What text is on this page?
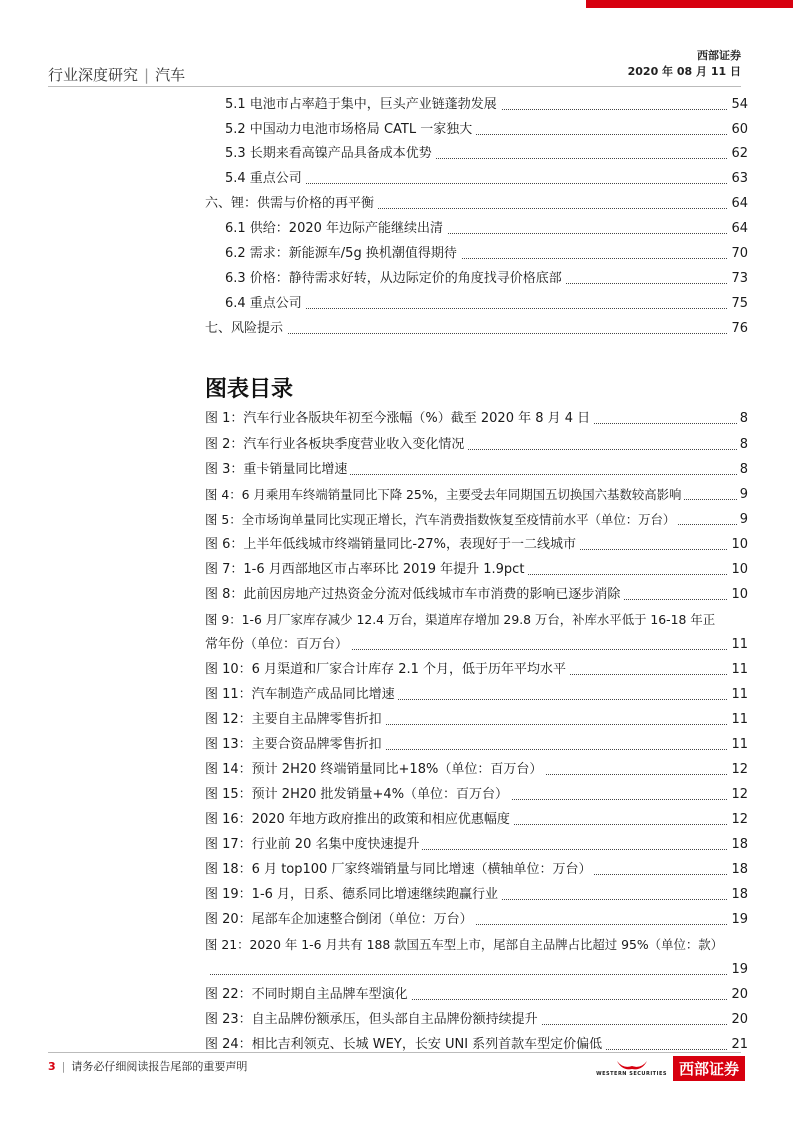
行业深度研究 | 汽车
西部证券
2020 年 08 月 11 日
5.1 电池市占率趋于集中，巨头产业链蓬勃发展	54
5.2 中国动力电池市场格局 CATL 一家独大	60
5.3 长期来看高镍产品具备成本优势	62
5.4 重点公司	63
六、锂：供需与价格的再平衡	64
6.1 供给：2020 年边际产能继续出清	64
6.2 需求：新能源车/5g 换机潮值得期待	70
6.3 价格：静待需求好转，从边际定价的角度找寻价格底部	73
6.4 重点公司	75
七、风险提示	76
图表目录
图 1：汽车行业各版块年初至今涨幅（%）截至 2020 年 8 月 4 日	8
图 2：汽车行业各板块季度营业收入变化情况	8
图 3：重卡销量同比增速	8
图 4：6 月乘用车终端销量同比下降 25%，主要受去年同期国五切换国六基数较高影响	9
图 5：全市场询单量同比实现正增长，汽车消费指数恢复至疫情前水平（单位：万台）	9
图 6：上半年低线城市终端销量同比-27%，表现好于一二线城市	10
图 7：1-6 月西部地区市占率环比 2019 年提升 1.9pct	10
图 8：此前因房地产过热资金分流对低线城市车市消费的影响已逐步消除	10
图 9：1-6 月厂家库存减少 12.4 万台，渠道库存增加 29.8 万台，补库水平低于 16-18 年正
常年份（单位：百万台）	11
图 10：6 月渠道和厂家合计库存 2.1 个月，低于历年平均水平	11
图 11：汽车制造产成品同比增速	11
图 12：主要自主品牌零售折扣	11
图 13：主要合资品牌零售折扣	11
图 14：预计 2H20 终端销量同比+18%（单位：百万台）	12
图 15：预计 2H20 批发销量+4%（单位：百万台）	12
图 16：2020 年地方政府推出的政策和相应优惠幅度	12
图 17：行业前 20 名集中度快速提升	18
图 18：6 月 top100 厂家终端销量与同比增速（横轴单位：万台）	18
图 19：1-6 月，日系、德系同比增速继续跑赢行业	18
图 20：尾部车企加速整合倒闭（单位：万台）	19
图 21：2020 年 1-6 月共有 188 款国五车型上市，尾部自主品牌占比超过 95%（单位：款）
19
图 22：不同时期自主品牌车型演化	20
图 23：自主品牌份额承压，但头部自主品牌份额持续提升	20
图 24：相比吉利领克、长城 WEY，长安 UNI 系列首款车型定价偏低	21
3 | 请务必仔细阅读报告尾部的重要声明
WESTERN SECURITIES 西部证券
